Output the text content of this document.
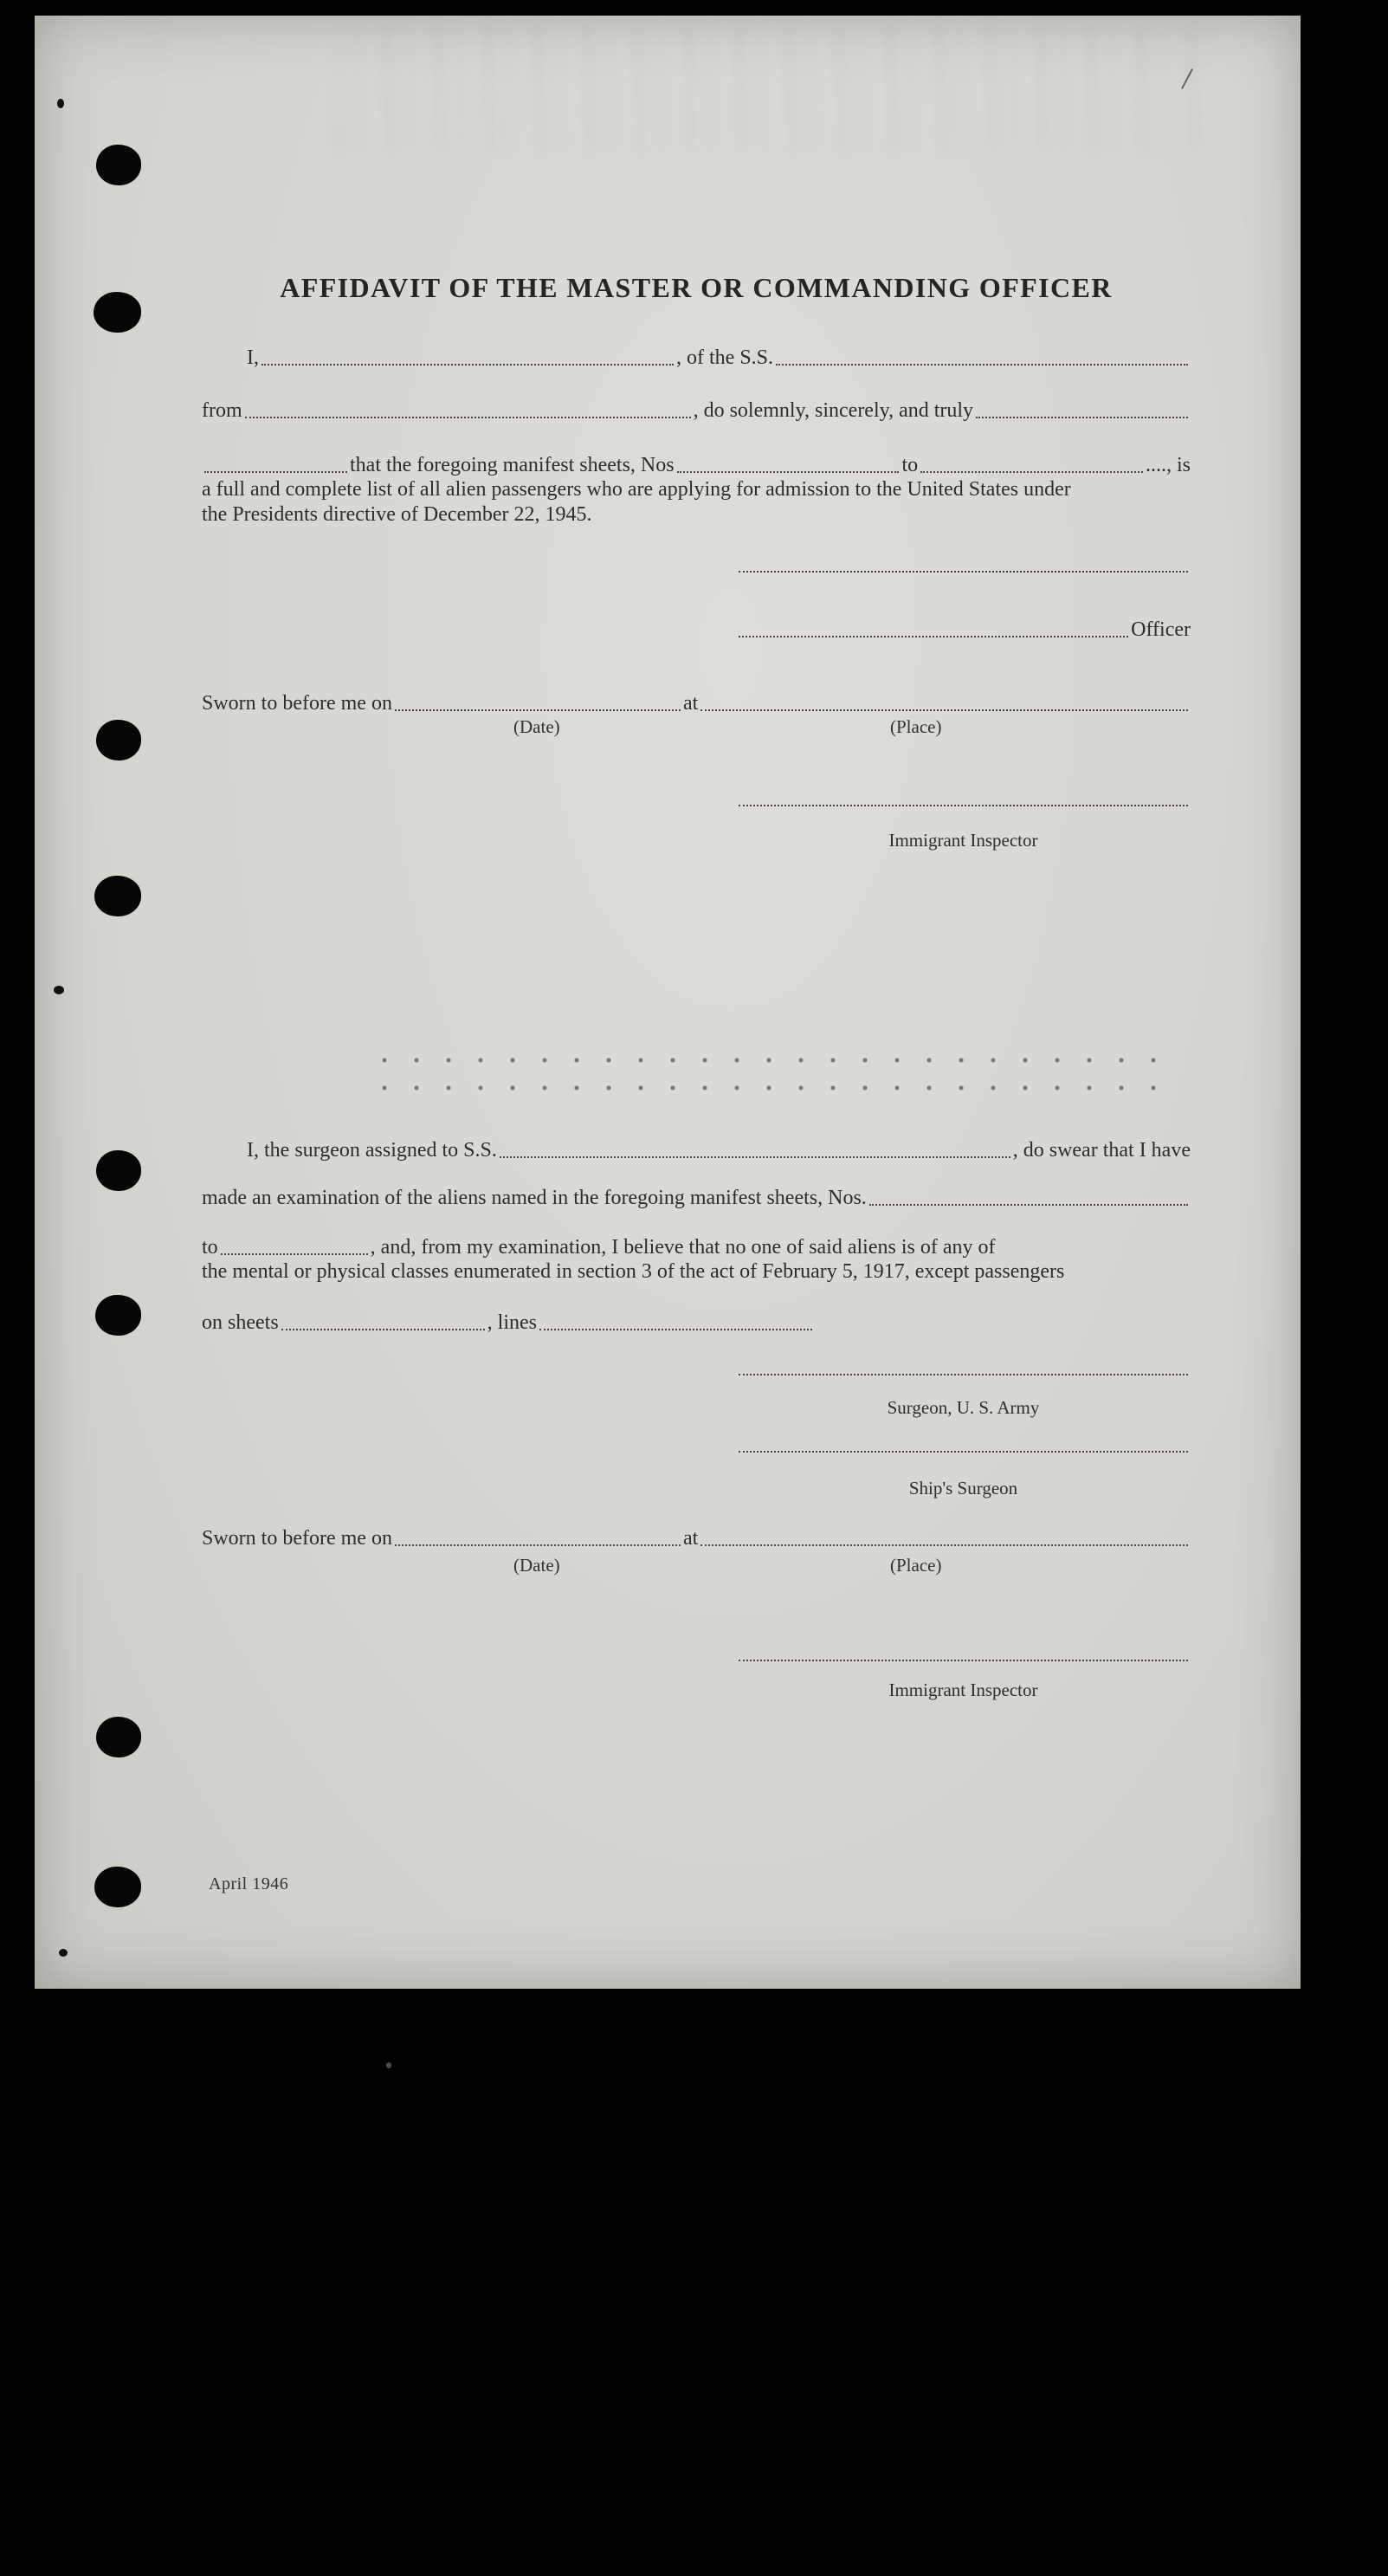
AFFIDAVIT OF THE MASTER OR COMMANDING OFFICER
I,	, of the S.S.
from	, do solemnly, sincerely, and truly
that the foregoing manifest sheets, Nos	to	...., is
a full and complete list of all alien passengers who are applying for admission to the United States under
the Presidents directive of December 22, 1945.
Officer
Sworn to before me on	at
(Date)	(Place)
Immigrant Inspector
I, the surgeon assigned to S.S.	, do swear that I have
made an examination of the aliens named in the foregoing manifest sheets, Nos.
to	, and, from my examination, I believe that no one of said aliens is of any of
the mental or physical classes enumerated in section 3 of the act of February 5, 1917, except passengers
on sheets	, lines
Surgeon, U. S. Army
Ship's Surgeon
Sworn to before me on	at
(Date)	(Place)
Immigrant Inspector
April 1946
